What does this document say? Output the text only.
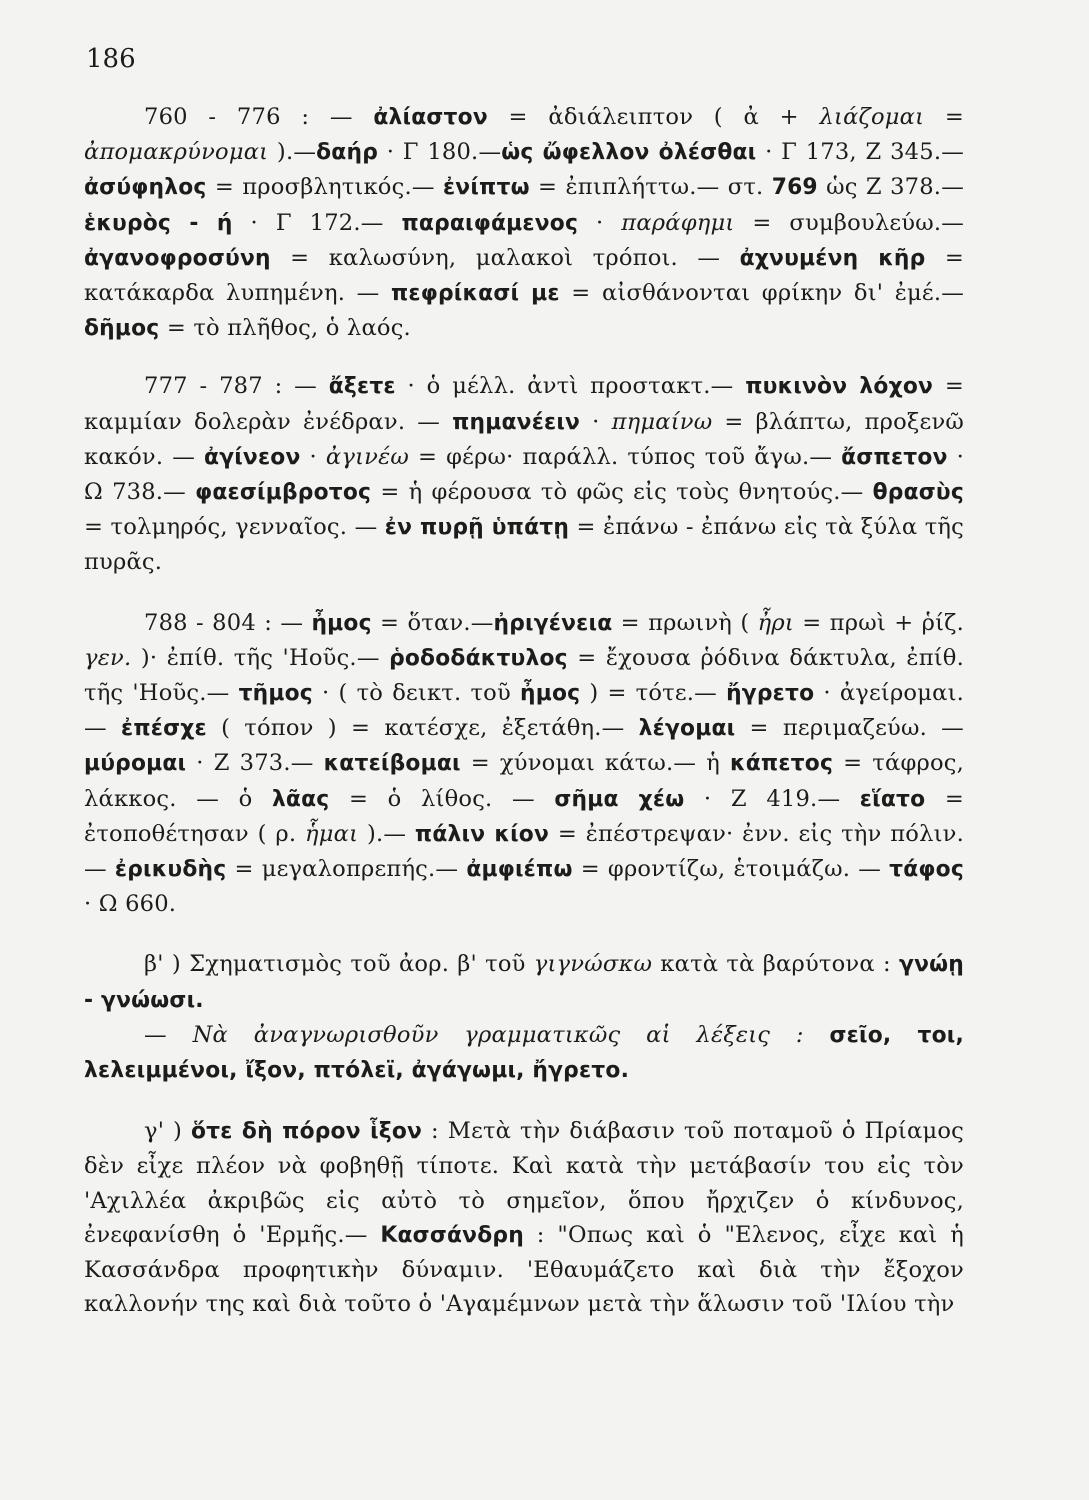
186

760 - 776 : — ἀλίαστον = ἀδιάλειπτον ( ἀ + λιάζομαι = ἀπομακρύνομαι ).—δαήρ · Γ 180.—ὡς ὤφελλον ὀλέσθαι · Γ 173, Ζ 345.—ἀσύφηλος = προσβλητικός.— ἐνίπτω = ἐπιπλήττω.— στ. 769 ὡς Ζ 378.— ἑκυρὸς - ή · Γ 172.— παραιφάμενος · παράφημι = συμβουλεύω.—ἀγανοφροσύνη = καλωσύνη, μαλακοὶ τρόποι. — ἀχνυμένη κῆρ = κατάκαρδα λυπημένη. — πεφρίκασί με = αἰσθάνονται φρίκην δι' ἐμέ.— δῆμος = τὸ πλῆθος, ὁ λαός.

777 - 787 : — ἄξετε · ὁ μέλλ. ἀντὶ προστακτ.— πυκινὸν λόχον = καμμίαν δολερὰν ἐνέδραν. — πημανέειν · πημαίνω = βλάπτω, προξενῶ κακόν. — ἀγίνεον · ἀγινέω = φέρω· παράλλ. τύπος τοῦ ἄγω.— ἄσπετον · Ω 738.— φαεσίμβροτος = ἡ φέρουσα τὸ φῶς εἰς τοὺς θνητούς.— θρασὺς = τολμηρός, γενναῖος. — ἐν πυρῇ ὑπάτῃ = ἐπάνω - ἐπάνω εἰς τὰ ξύλα τῆς πυρᾶς.

788 - 804 : — ἦμος = ὅταν.—ἠριγένεια = πρωινὴ ( ἦρι = πρωὶ + ῥίζ. γεν. )· ἐπίθ. τῆς 'Ηοῦς.— ῥοδοδάκτυλος = ἔχουσα ῥόδινα δάκτυλα, ἐπίθ. τῆς 'Ηοῦς.— τῆμος · ( τὸ δεικτ. τοῦ ἦμος ) = τότε.— ἤγρετο · ἀγείρομαι. — ἐπέσχε ( τόπον ) = κατέσχε, ἐξετάθη.— λέγομαι = περιμαζεύω. — μύρομαι · Ζ 373.— κατείβομαι = χύνομαι κάτω.— ἡ κάπετος = τάφρος, λάκκος. — ὁ λᾶας = ὁ λίθος. — σῆμα χέω · Ζ 419.— εἵατο = ἐτοποθέτησαν ( ρ. ἧμαι ).— πάλιν κίον = ἐπέστρεψαν· ἐνν. εἰς τὴν πόλιν. — ἐρικυδὴς = μεγαλοπρεπής.— ἀμφιέπω = φροντίζω, ἑτοιμάζω. — τάφος · Ω 660.

β' ) Σχηματισμὸς τοῦ ἀορ. β' τοῦ γιγνώσκω κατὰ τὰ βαρύτονα : γνώῃ - γνώωσι.

— Νὰ ἀναγνωρισθοῦν γραμματικῶς αἱ λέξεις : σεῖο, τοι, λελειμμένοι, ἴξον, πτόλεϊ, ἀγάγωμι, ἤγρετο.

γ' ) ὅτε δὴ πόρον ἷξον : Μετὰ τὴν διάβασιν τοῦ ποταμοῦ ὁ Πρίαμος δὲν εἶχε πλέον νὰ φοβηθῇ τίποτε. Καὶ κατὰ τὴν μετάβασίν του εἰς τὸν 'Αχιλλέα ἀκριβῶς εἰς αὐτὸ τὸ σημεῖον, ὅπου ἤρχιζεν ὁ κίνδυνος, ἐνεφανίσθη ὁ 'Ερμῆς.— Κασσάνδρη : "Οπως καὶ ὁ "Ελενος, εἶχε καὶ ἡ Κασσάνδρα προφητικὴν δύναμιν. 'Εθαυμάζετο καὶ διὰ τὴν ἔξοχον καλλονήν της καὶ διὰ τοῦτο ὁ 'Αγαμέμνων μετὰ τὴν ἅλωσιν τοῦ 'Ιλίου τὴν
